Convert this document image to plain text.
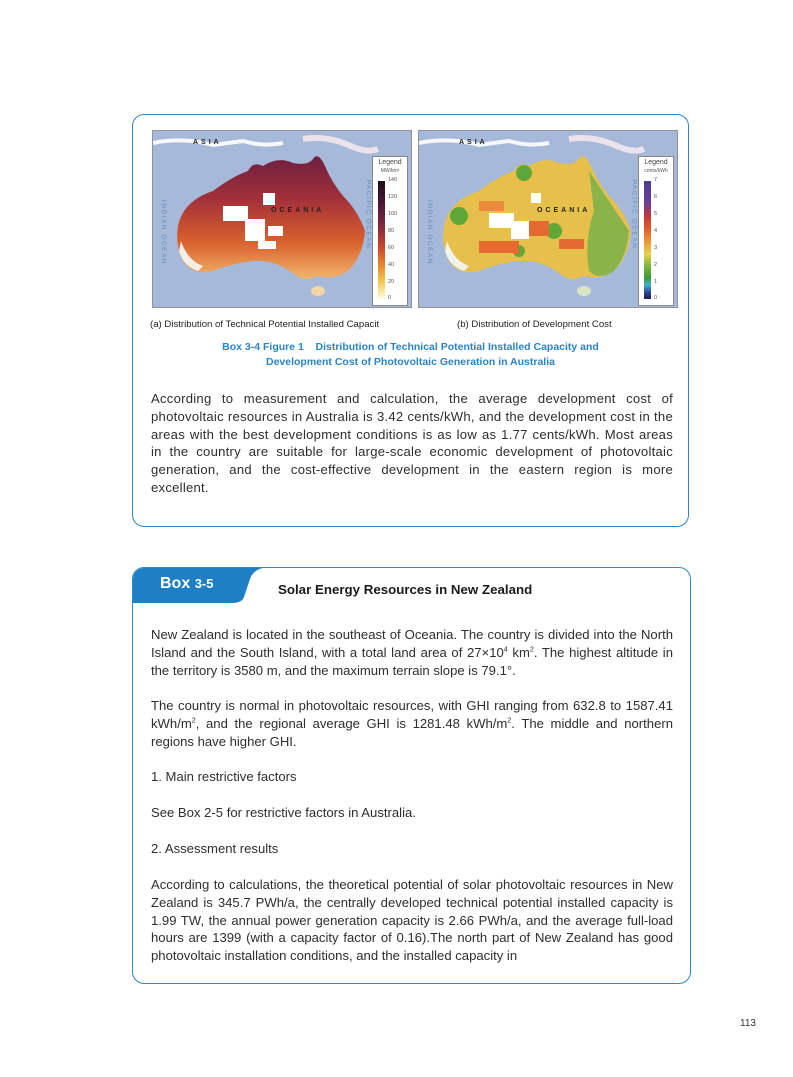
ASIA
OCEANIA
INDIAN OCEAN	PACIFIC OCEAN
Legend
MW/km²
140
120
100
80
60
40
20
0
ASIA
OCEANIA
INDIAN OCEAN	PACIFIC OCEAN
Legend
cents/kWh
7
6
5
4
3
2
1
0
(a) Distribution of Technical Potential Installed Capacit	(b) Distribution of Development Cost
Box 3-4 Figure 1    Distribution of Technical Potential Installed Capacity and
Development Cost of Photovoltaic Generation in Australia
According to measurement and calculation, the average development cost of photovoltaic resources in Australia is 3.42 cents/kWh, and the development cost in the areas with the best development conditions is as low as 1.77 cents/kWh. Most areas in the country are suitable for large-scale economic development of photovoltaic generation, and the cost-effective development in the eastern region is more excellent.
Box 3-5	Solar Energy Resources in New Zealand
New Zealand is located in the southeast of Oceania. The country is divided into the North Island and the South Island, with a total land area of $27\times 10^4$ $km^2$. The highest altitude in the territory is 3580 m, and the maximum terrain slope is 79.1°.
The country is normal in photovoltaic resources, with GHI ranging from 632.8 to 1587.41 kWh/$m^2$, and the regional average GHI is 1281.48 kWh/$m^2$. The middle and northern regions have higher GHI.
1. Main restrictive factors
See Box 2-5 for restrictive factors in Australia.
2. Assessment results
According to calculations, the theoretical potential of solar photovoltaic resources in New Zealand is 345.7 PWh/a, the centrally developed technical potential installed capacity is 1.99 TW, the annual power generation capacity is 2.66 PWh/a, and the average full-load hours are 1399 (with a capacity factor of 0.16).The north part of New Zealand has good photovoltaic installation conditions, and the installed capacity in
113
